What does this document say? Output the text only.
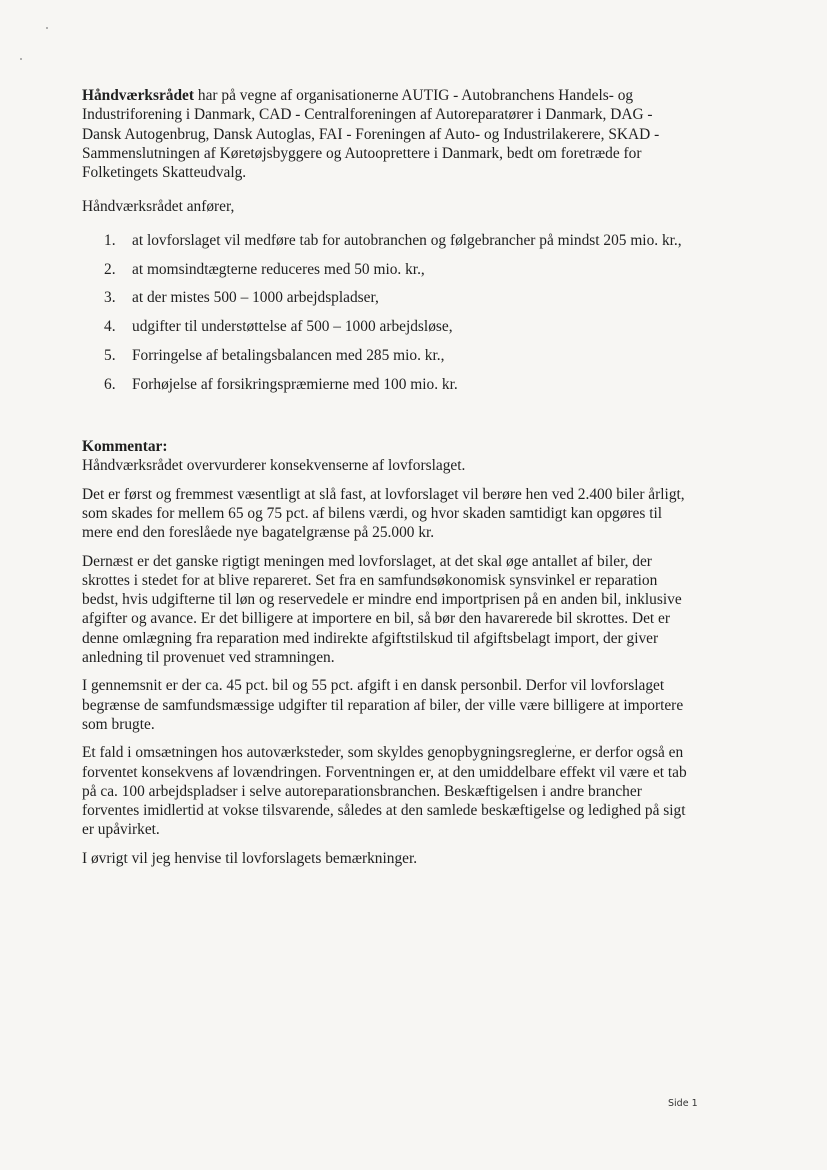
Håndværksrådet har på vegne af organisationerne AUTIG - Autobranchens Handels- og Industriforening i Danmark, CAD - Centralforeningen af Autoreparatører i Danmark, DAG - Dansk Autogenbrug, Dansk Autoglas, FAI - Foreningen af Auto- og Industrilakerere, SKAD - Sammenslutningen af Køretøjsbyggere og Autooprettere i Danmark, bedt om foretræde for Folketingets Skatteudvalg.

Håndværksrådet anfører,

1.	at lovforslaget vil medføre tab for autobranchen og følgebrancher på mindst 205 mio. kr.,
2.	at momsindtægterne reduceres med 50 mio. kr.,
3.	at der mistes 500 – 1000 arbejdspladser,
4.	udgifter til understøttelse af 500 – 1000 arbejdsløse,
5.	Forringelse af betalingsbalancen med 285 mio. kr.,
6.	Forhøjelse af forsikringspræmierne med 100 mio. kr.

Kommentar:

Håndværksrådet overvurderer konsekvenserne af lovforslaget.

Det er først og fremmest væsentligt at slå fast, at lovforslaget vil berøre hen ved 2.400 biler årligt, som skades for mellem 65 og 75 pct. af bilens værdi, og hvor skaden samtidigt kan opgøres til mere end den foreslåede nye bagatelgrænse på 25.000 kr.

Dernæst er det ganske rigtigt meningen med lovforslaget, at det skal øge antallet af biler, der skrottes i stedet for at blive repareret. Set fra en samfundsøkonomisk synsvinkel er reparation bedst, hvis udgifterne til løn og reservedele er mindre end importprisen på en anden bil, inklusive afgifter og avance. Er det billigere at importere en bil, så bør den havarerede bil skrottes. Det er denne omlægning fra reparation med indirekte afgiftstilskud til afgiftsbelagt import, der giver anledning til provenuet ved stramningen.

I gennemsnit er der ca. 45 pct. bil og 55 pct. afgift i en dansk personbil. Derfor vil lovforslaget begrænse de samfundsmæssige udgifter til reparation af biler, der ville være billigere at importere som brugte.

Et fald i omsætningen hos autoværksteder, som skyldes genopbygningsreglerne, er derfor også en forventet konsekvens af lovændringen. Forventningen er, at den umiddelbare effekt vil være et tab på ca. 100 arbejdspladser i selve autoreparationsbranchen. Beskæftigelsen i andre brancher forventes imidlertid at vokse tilsvarende, således at den samlede beskæftigelse og ledighed på sigt er upåvirket.

I øvrigt vil jeg henvise til lovforslagets bemærkninger.

Side 1
